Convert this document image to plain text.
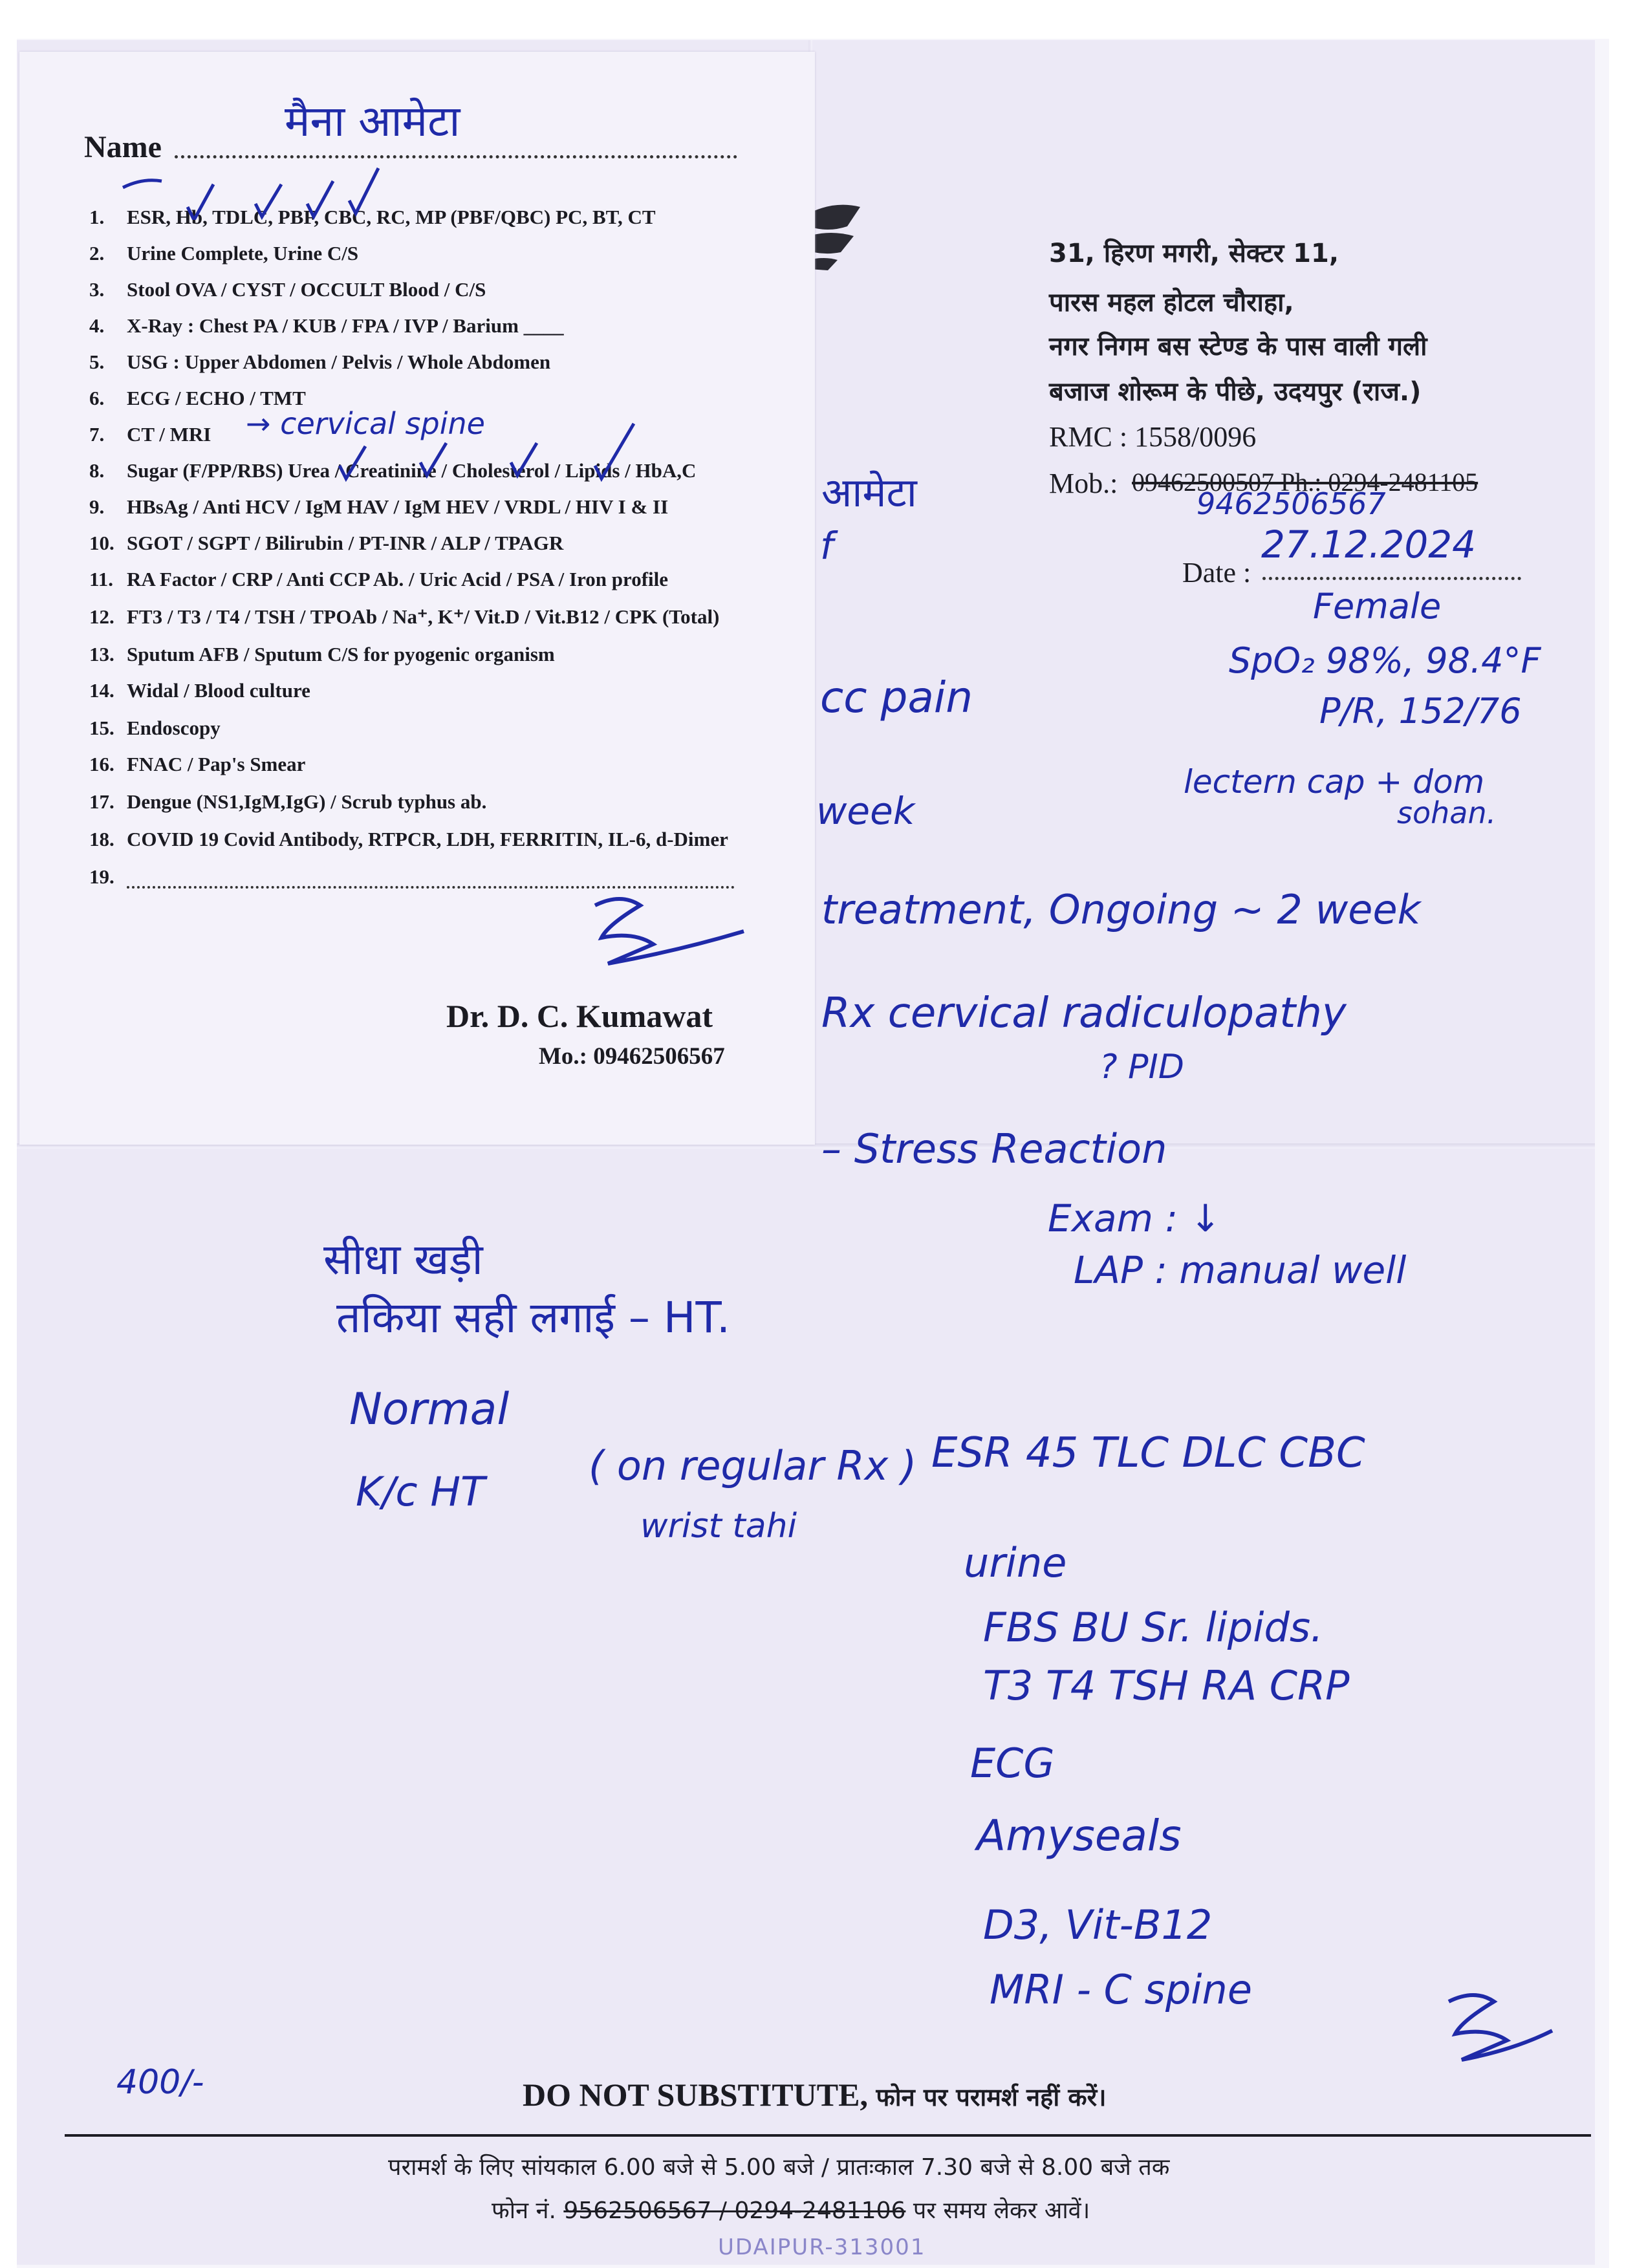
31, हिरण मगरी, सेक्टर 11,
पारस महल होटल चौराहा,
नगर निगम बस स्टेण्ड के पास वाली गली
बजाज शोरूम के पीछे, उदयपुर (राज.)
RMC : 1558/0096
Mob.: 09462500507 Ph.: 0294-2481105
9462506567
Date :
27.12.2024
Name
मैना आमेटा
1. ESR, Hb, TDLC, PBF, CBC, RC, MP (PBF/QBC) PC, BT, CT
2. Urine Complete, Urine C/S
3. Stool OVA / CYST / OCCULT Blood / C/S
4. X-Ray : Chest PA / KUB / FPA / IVP / Barium ____
5. USG : Upper Abdomen / Pelvis / Whole Abdomen
6. ECG / ECHO / TMT
7. CT / MRI
8. Sugar (F/PP/RBS) Urea / Creatinine / Cholesterol / Lipids / HbA,C
9. HBsAg / Anti HCV / IgM HAV / IgM HEV / VRDL / HIV I & II
10. SGOT / SGPT / Bilirubin / PT-INR / ALP / TPAGR
11. RA Factor / CRP / Anti CCP Ab. / Uric Acid / PSA / Iron profile
12. FT3 / T3 / T4 / TSH / TPOAb / Na⁺, K⁺/ Vit.D / Vit.B12 / CPK (Total)
13. Sputum AFB / Sputum C/S for pyogenic organism
14. Widal / Blood culture
15. Endoscopy
16. FNAC / Pap's Smear
17. Dengue (NS1,IgM,IgG) / Scrub typhus ab.
18. COVID 19 Covid Antibody, RTPCR, LDH, FERRITIN, IL-6, d-Dimer
19.
→ cervical spine
Dr. D. C. Kumawat
Mo.: 09462506567
आमेटा
f
cc pain
week
treatment, Ongoing ~ 2 week
Rx cervical radiculopathy
? PID
– Stress Reaction
Female
SpO₂ 98%, 98.4°F
P/R, 152/76
lectern cap + dom
sohan.
सीधा खड़ी
तकिया सही लगाई – HT.
Normal
K/c HT
( on regular Rx )
wrist tahi
Exam : ↓
LAP : manual well
ESR 45 TLC DLC CBC
urine
FBS BU Sr. lipids.
T3 T4 TSH RA CRP
ECG
Amyseals
D3, Vit-B12
MRI - C spine
400/-	DO NOT SUBSTITUTE, फोन पर परामर्श नहीं करें।
परामर्श के लिए सांयकाल 6.00 बजे से 5.00 बजे / प्रातःकाल 7.30 बजे से 8.00 बजे तक
फोन नं. 9562506567 / 0294-2481106 पर समय लेकर आवें।
UDAIPUR-313001
